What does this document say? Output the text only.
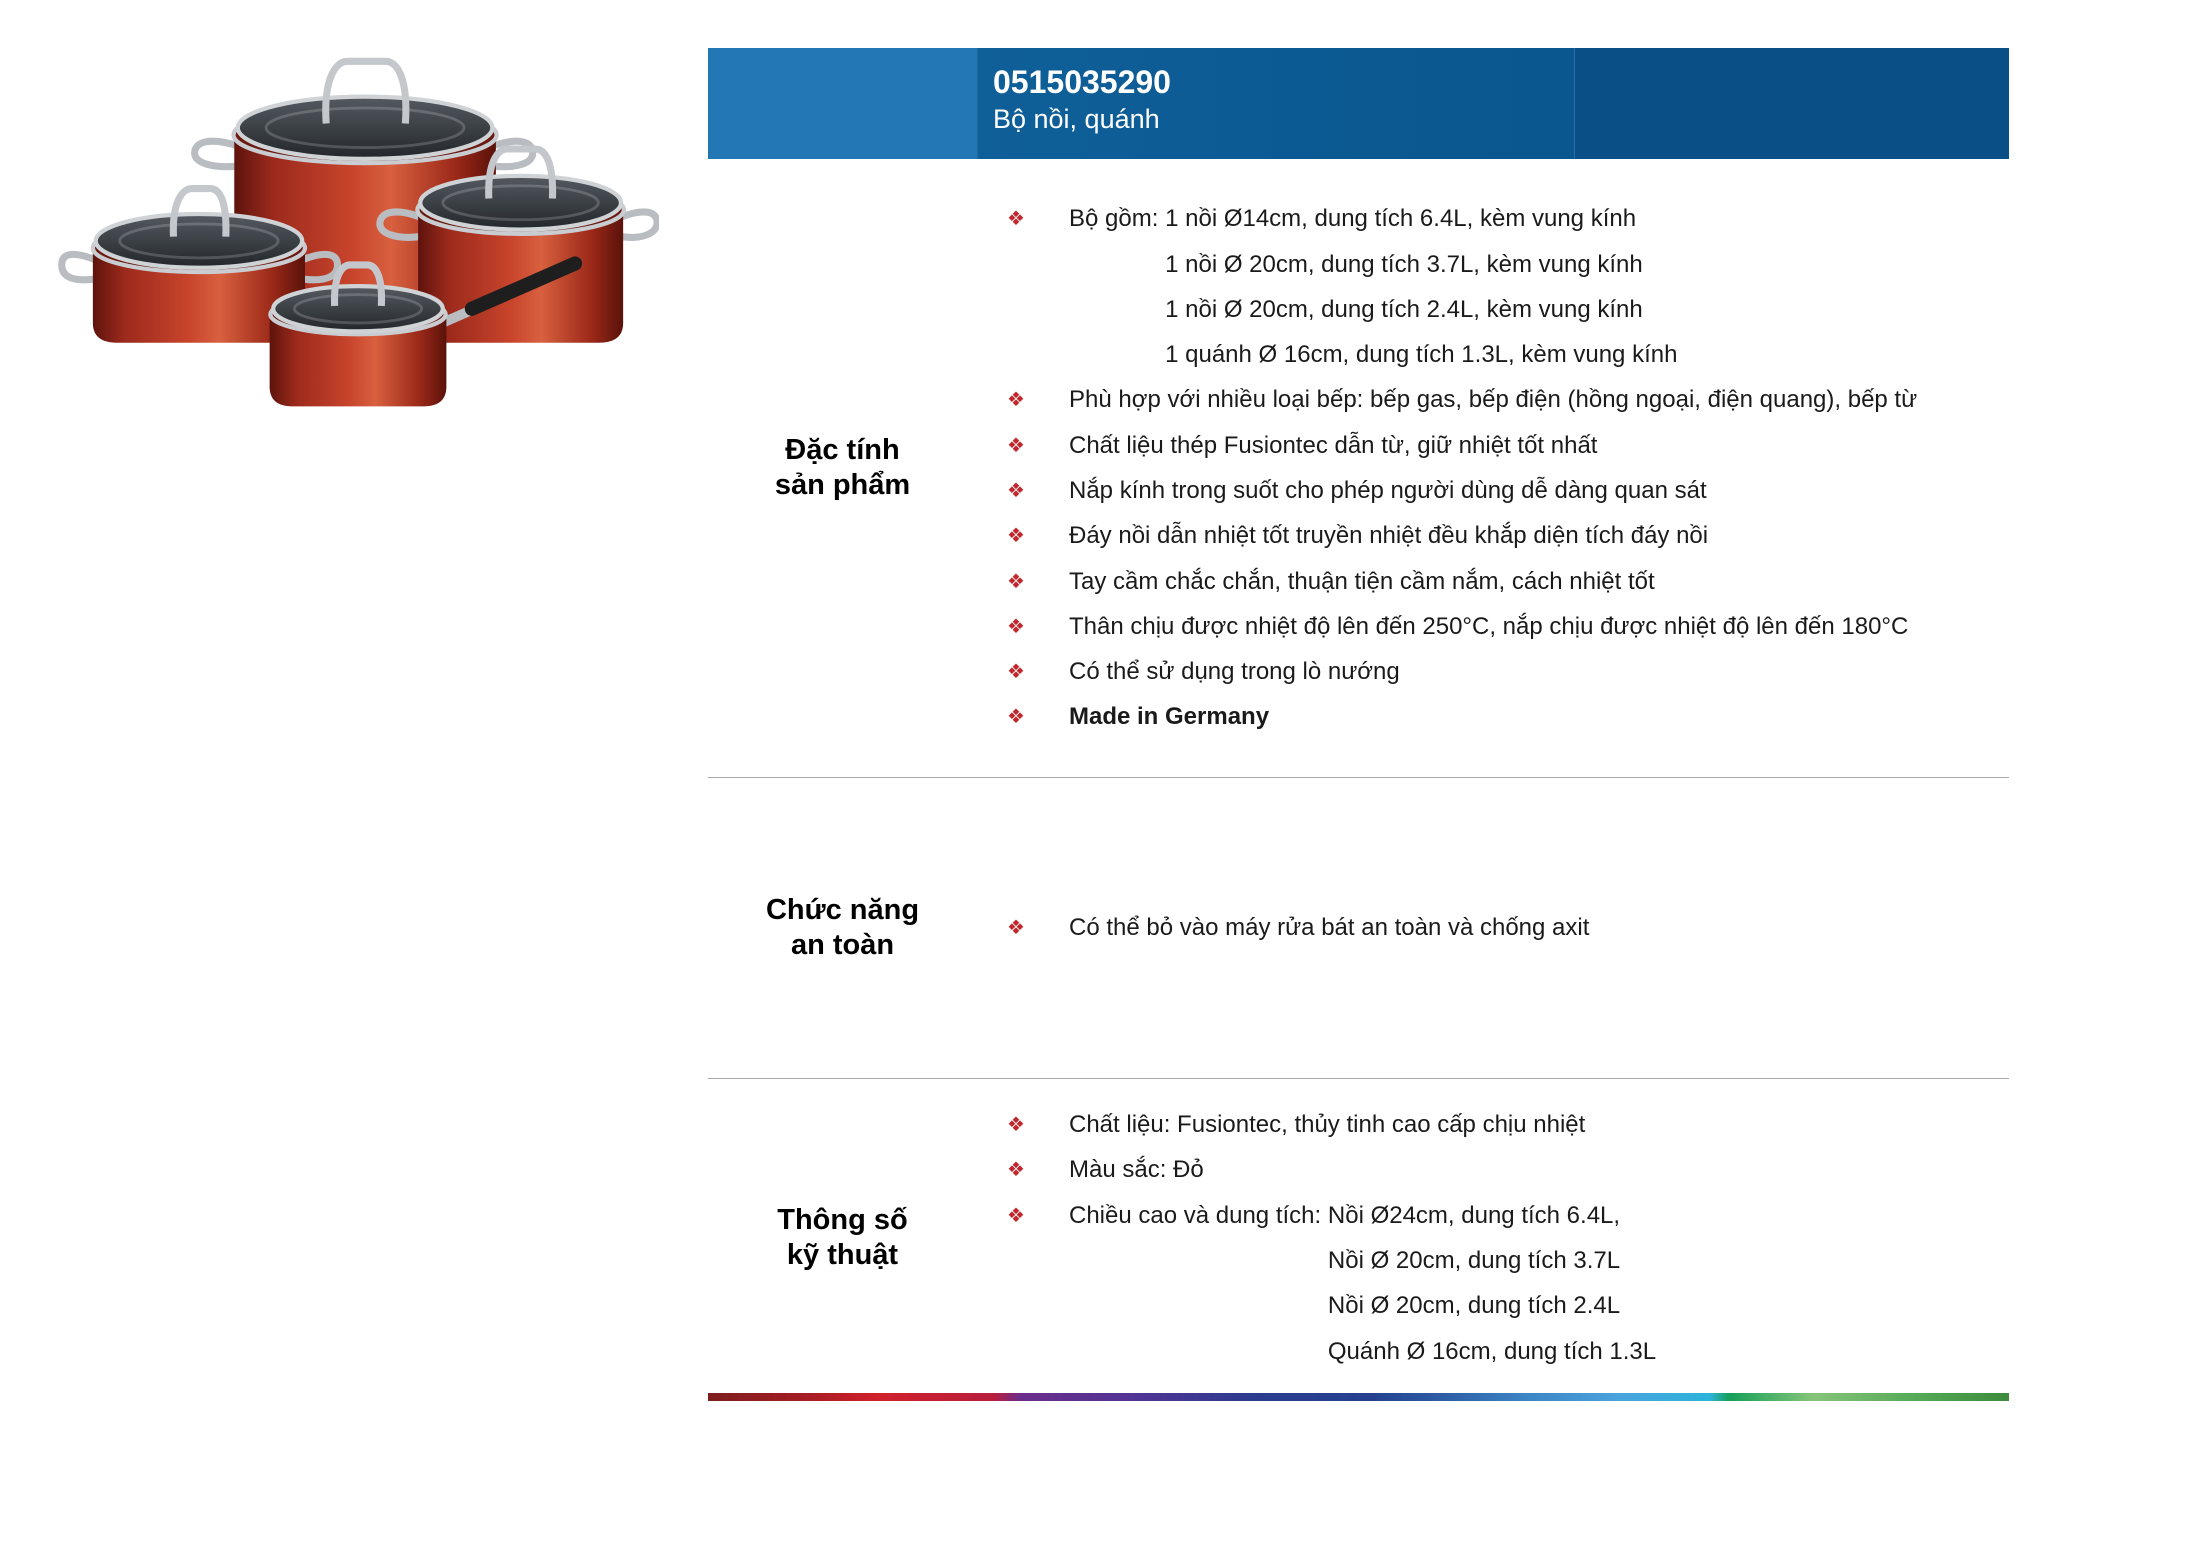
0515035290
Bộ nồi, quánh
Đặc tính
sản phẩm
❖
Bộ gồm: 1 nồi Ø14cm, dung tích 6.4L, kèm vung kính
1 nồi Ø 20cm, dung tích 3.7L, kèm vung kính
1 nồi Ø 20cm, dung tích 2.4L, kèm vung kính
1 quánh Ø 16cm, dung tích 1.3L, kèm vung kính
❖
Phù hợp với nhiều loại bếp: bếp gas, bếp điện (hồng ngoại, điện quang), bếp từ
❖
Chất liệu thép Fusiontec dẫn từ, giữ nhiệt tốt nhất
❖
Nắp kính trong suốt cho phép người dùng dễ dàng quan sát
❖
Đáy nồi dẫn nhiệt tốt truyền nhiệt đều khắp diện tích đáy nồi
❖
Tay cầm chắc chắn, thuận tiện cầm nắm, cách nhiệt tốt
❖
Thân chịu được nhiệt độ lên đến 250°C, nắp chịu được nhiệt độ lên đến 180°C
❖
Có thể sử dụng trong lò nướng
❖
Made in Germany
Chức năng
an toàn
❖
Có thể bỏ vào máy rửa bát an toàn và chống axit
Thông số
kỹ thuật
❖
Chất liệu: Fusiontec, thủy tinh cao cấp chịu nhiệt
❖
Màu sắc: Đỏ
❖
Chiều cao và dung tích: Nồi Ø24cm, dung tích 6.4L,
Nồi Ø 20cm, dung tích 3.7L
Nồi Ø 20cm, dung tích 2.4L
Quánh Ø 16cm, dung tích 1.3L
